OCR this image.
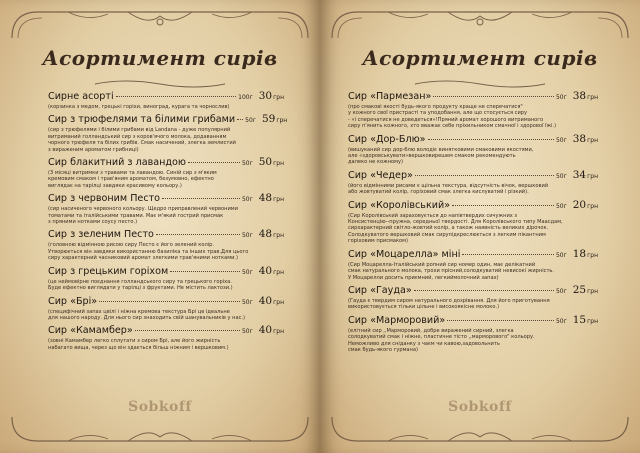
Асортимент сирів
Сирне асорті	100г 30 грн
(корзинка з медом, грецькі горіхи, виноград, курага та чорнослив)
Сир з трюфелями та білими грибами 50г 59 грн
(сир з трюфелями і білими грибами від Landana - дуже популярний
витриманий голландський сир з коров'ячого молока, додаванням
чорного трюфеля та білих грибів. Смак насичений, злегка землистий
з вираженим ароматом грибниці)
Сир блакитний з лавандою	50г 50 грн
(3 місяці витримки з травами та лавандою. Синій сир з м'яким
кремовим смаком і трав'яним ароматом, безумовно, ефектно
виглядає на тарілці завдяки красивому кольору.)
Сир з червоним Песто	50г 48 грн
(сир насиченого червоного кольору. Щедро приправлений червоними
томатами та італійськими травами. Має м'який гострий присмак
з пряними нотками соусу песто.)
Сир з зеленим Песто	50г 48 грн
(головною відмінною рисою сиру Песто є його зелений колір.
Утворюється він завдяки використанню базиліка та інших трав.Для цього
сиру характерний часниковий аромат злегкими трав'яними нотками.)
Сир з грецьким горіхом	50г 40 грн
(це неймовірне поєднання голландського сиру та грецького горіха.
Буде ефектно виглядати у тарілці з фруктами. Не містить лактози.)
Сир «Брі»	50г 40 грн
(специфічний запах цвілі і ніжна кремова текстура Брі це ідеальне
для нашого народу. Для нього сир знаходить свій шанувальників у нас.)
Сир «Камамбер»	50г 40 грн
(зовні Камамбер легко сплутати з сиром Брі, але його жирність
набагато вища, через що він здається більш ніжним і вершковим.)
Sobkoff
Асортимент сирів
Сир «Пармезан»	50г 38 грн
(про смакові якості будь-якого продукту краще не сперечатися"
у кожного свої пристрасті та уподобання, але що стосується сиру
- «і сперечатися не доведеться»!Пряний аромат хорошого витриманого
сиру п'янить кожного, хто вважає себе пріхильником смачної і здорової їжі.)
Сир «Дор-Блю»	50г 38 грн
(вишуканий сир дор-блю володіє винятковими смаковими якостями,
але «здоровськувати»вершковирешем смаком рекомендують
далеко не кожному)
Сир «Чедер»	50г 34 грн
(його відмінними рисами є щільна текстура, відсутність вічок, вершковий
або жовтуватий колір, горіховий смак злегка кислуватий і різкий).
Сир «Королівський»	50г 20 грн
(Сир Королівський зараховується до напівтвердих сичужних з
Консистенцію--пружна, середньої твердості. Для Королівського типу Маасдам,
сирхарактерний світло-жовтий колір, а також наявність великих дірочок.
Солодкуватого вершковий смак сирупідкреслюється з легким пікантним
горіховим присмаком)
Сир «Моцарелла» міні	50г 18 грн
(Сир Моцарелла-Італійський ропний сир номер один, має делікатний
смак натурального молока, трохи прісний,солодкуватий невисокі жирність.
У Моцарелли досить приємний, легкиймолочний запах)
Сир «Гауда»	50г 25 грн
(Гауда є твердим сиром натурального дозрівання. Для його приготування
використовується тільки цільне і високоякісне молоко.)
Сир «Марморовий»	50г 15 грн
(елітний сир ,,Марморовий, добре виражений сирний, злегка
солодкуватий смак і ніжне, пластичне тісто ,,марморового" кольору.
Неможливо для сніданку з чаєм чи кавою,задовольнить
смак будь-якого гурмана)
Sobkoff
